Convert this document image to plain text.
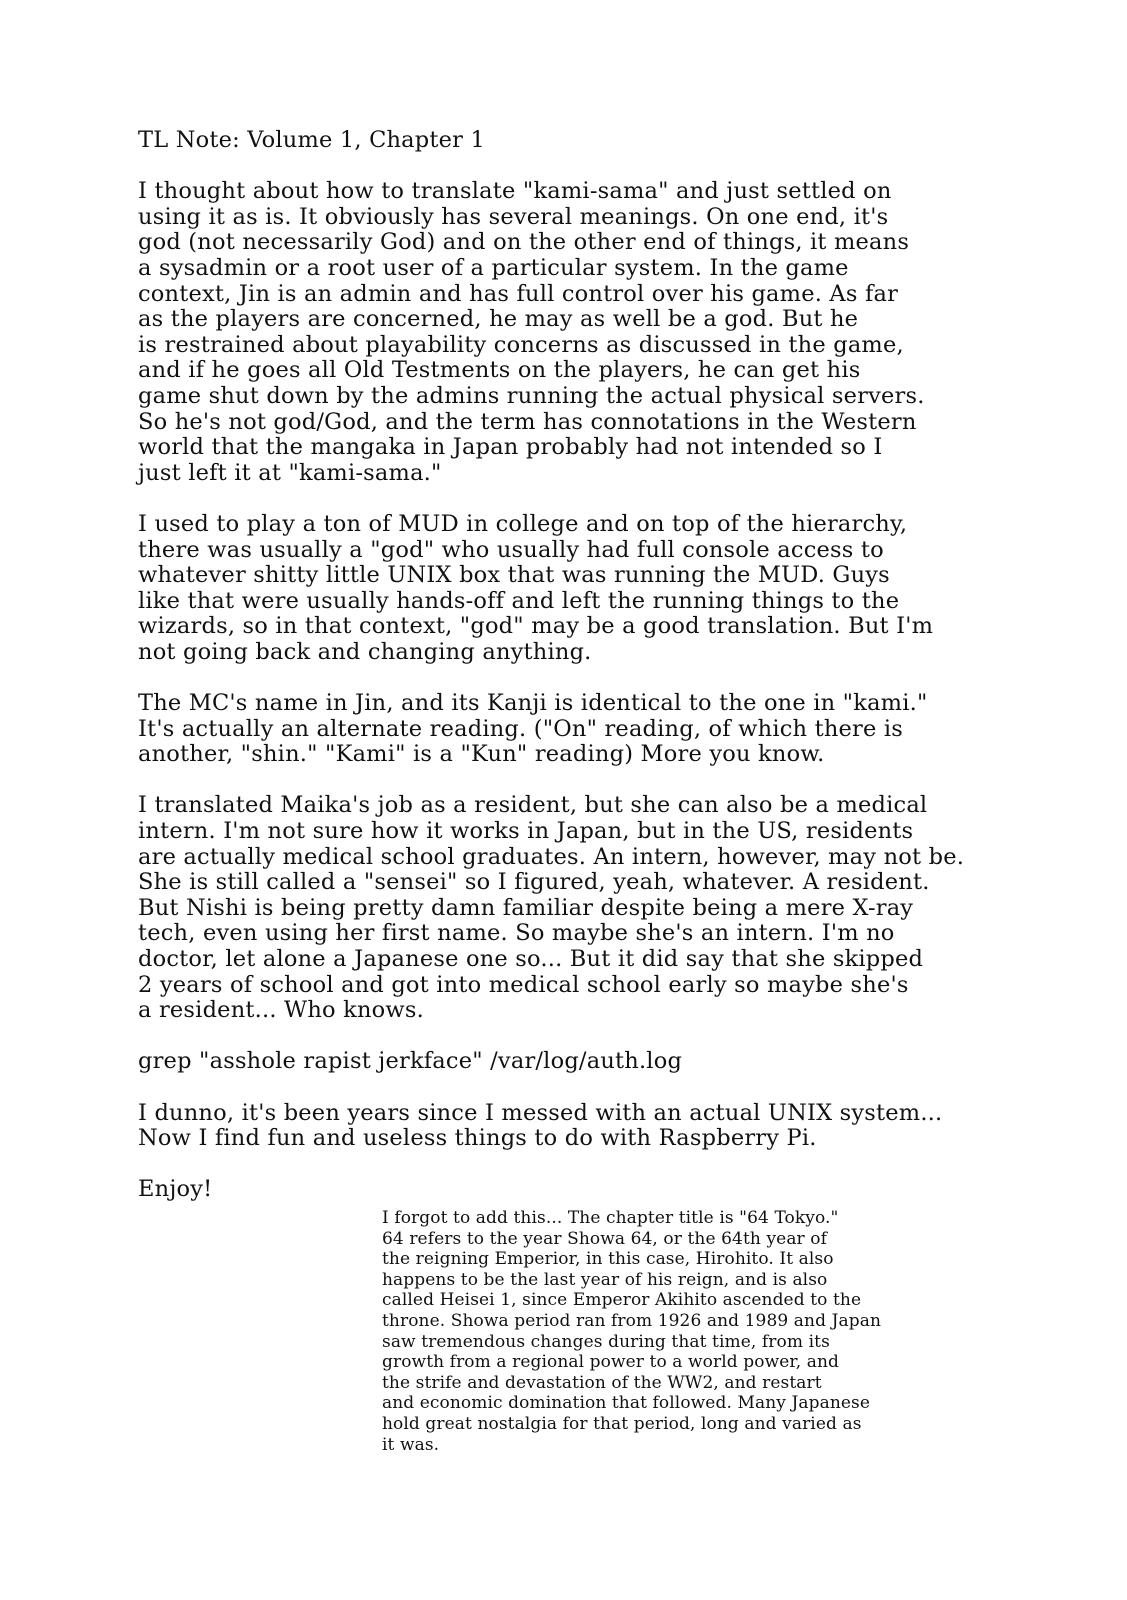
TL Note: Volume 1, Chapter 1

I thought about how to translate "kami-sama" and just settled on
using it as is. It obviously has several meanings. On one end, it's
god (not necessarily God) and on the other end of things, it means
a sysadmin or a root user of a particular system. In the game
context, Jin is an admin and has full control over his game. As far
as the players are concerned, he may as well be a god. But he
is restrained about playability concerns as discussed in the game,
and if he goes all Old Testments on the players, he can get his
game shut down by the admins running the actual physical servers.
So he's not god/God, and the term has connotations in the Western
world that the mangaka in Japan probably had not intended so I
just left it at "kami-sama."

I used to play a ton of MUD in college and on top of the hierarchy,
there was usually a "god" who usually had full console access to
whatever shitty little UNIX box that was running the MUD. Guys
like that were usually hands-off and left the running things to the
wizards, so in that context, "god" may be a good translation. But I'm
not going back and changing anything.

The MC's name in Jin, and its Kanji is identical to the one in "kami."
It's actually an alternate reading. ("On" reading, of which there is
another, "shin." "Kami" is a "Kun" reading) More you know.

I translated Maika's job as a resident, but she can also be a medical
intern. I'm not sure how it works in Japan, but in the US, residents
are actually medical school graduates. An intern, however, may not be.
She is still called a "sensei" so I figured, yeah, whatever. A resident.
But Nishi is being pretty damn familiar despite being a mere X-ray
tech, even using her first name. So maybe she's an intern. I'm no
doctor, let alone a Japanese one so... But it did say that she skipped
2 years of school and got into medical school early so maybe she's
a resident... Who knows.

grep "asshole rapist jerkface" /var/log/auth.log

I dunno, it's been years since I messed with an actual UNIX system...
Now I find fun and useless things to do with Raspberry Pi.

Enjoy!

I forgot to add this... The chapter title is "64 Tokyo."
64 refers to the year Showa 64, or the 64th year of
the reigning Emperior, in this case, Hirohito. It also
happens to be the last year of his reign, and is also
called Heisei 1, since Emperor Akihito ascended to the
throne. Showa period ran from 1926 and 1989 and Japan
saw tremendous changes during that time, from its
growth from a regional power to a world power, and
the strife and devastation of the WW2, and restart
and economic domination that followed. Many Japanese
hold great nostalgia for that period, long and varied as
it was.
